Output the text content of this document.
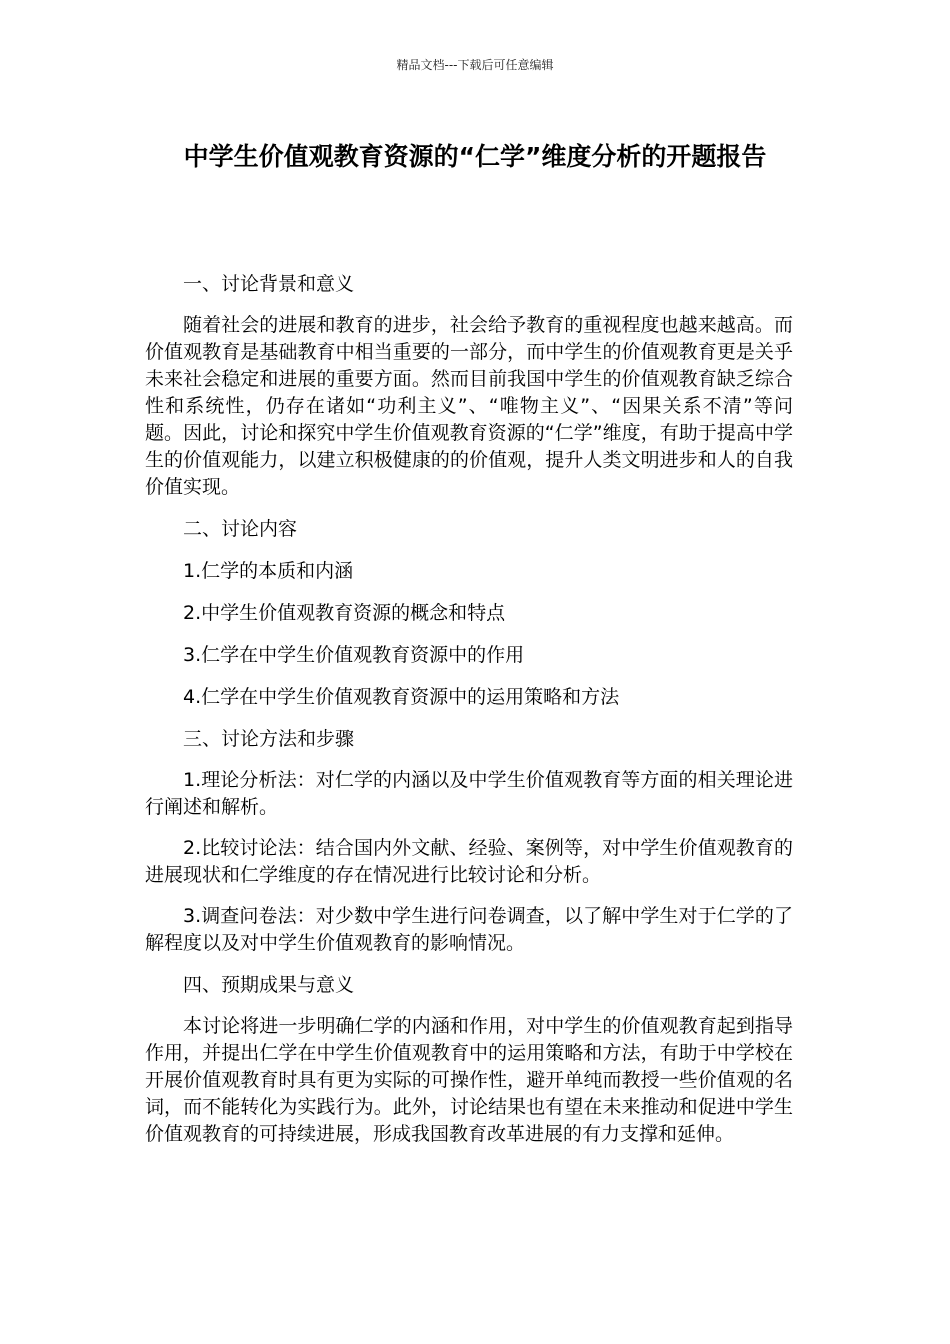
精品文档---下载后可任意编辑
中学生价值观教育资源的“仁学”维度分析的开题报告

一、讨论背景和意义

随着社会的进展和教育的进步，社会给予教育的重视程度也越来越高。而价值观教育是基础教育中相当重要的一部分，而中学生的价值观教育更是关乎未来社会稳定和进展的重要方面。然而目前我国中学生的价值观教育缺乏综合性和系统性，仍存在诸如“功利主义”、“唯物主义”、“因果关系不清”等问题。因此，讨论和探究中学生价值观教育资源的“仁学”维度，有助于提高中学生的价值观能力，以建立积极健康的的价值观，提升人类文明进步和人的自我价值实现。

二、讨论内容

1.仁学的本质和内涵

2.中学生价值观教育资源的概念和特点

3.仁学在中学生价值观教育资源中的作用

4.仁学在中学生价值观教育资源中的运用策略和方法

三、讨论方法和步骤

1.理论分析法：对仁学的内涵以及中学生价值观教育等方面的相关理论进行阐述和解析。

2.比较讨论法：结合国内外文献、经验、案例等，对中学生价值观教育的进展现状和仁学维度的存在情况进行比较讨论和分析。

3.调查问卷法：对少数中学生进行问卷调查，以了解中学生对于仁学的了解程度以及对中学生价值观教育的影响情况。

四、预期成果与意义

本讨论将进一步明确仁学的内涵和作用，对中学生的价值观教育起到指导作用，并提出仁学在中学生价值观教育中的运用策略和方法，有助于中学校在开展价值观教育时具有更为实际的可操作性，避开单纯而教授一些价值观的名词，而不能转化为实践行为。此外，讨论结果也有望在未来推动和促进中学生价值观教育的可持续进展，形成我国教育改革进展的有力支撑和延伸。
